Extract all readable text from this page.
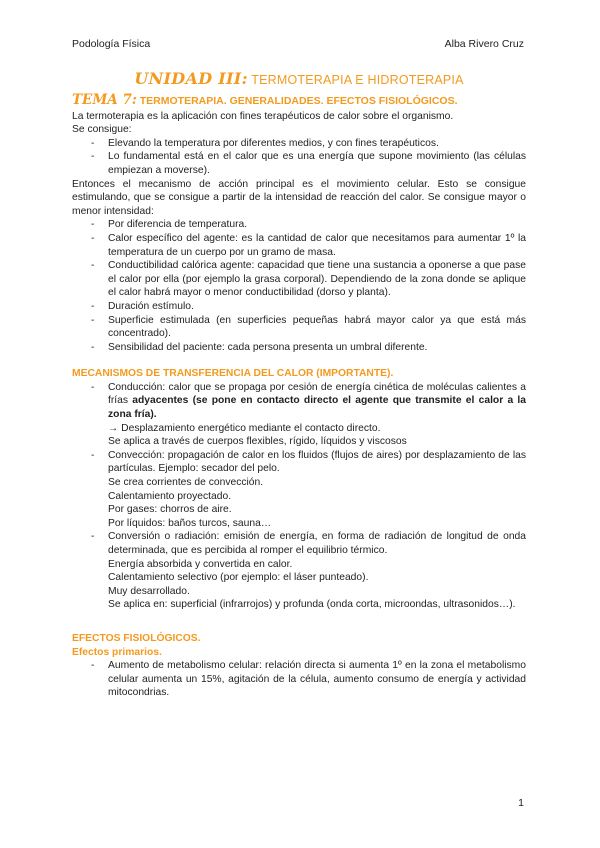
Podología Física	Alba Rivero Cruz
UNIDAD III: TERMOTERAPIA E HIDROTERAPIA
TEMA 7: TERMOTERAPIA. GENERALIDADES. EFECTOS FISIOLÓGICOS.

La termoterapia es la aplicación con fines terapéuticos de calor sobre el organismo.

Se consigue:

- Elevando la temperatura por diferentes medios, y con fines terapéuticos.
- Lo fundamental está en el calor que es una energía que supone movimiento (las células empiezan a moverse).

Entonces el mecanismo de acción principal es el movimiento celular. Esto se consigue estimulando, que se consigue a partir de la intensidad de reacción del calor. Se consigue mayor o menor intensidad:

- Por diferencia de temperatura.
- Calor específico del agente: es la cantidad de calor que necesitamos para aumentar 1º la temperatura de un cuerpo por un gramo de masa.
- Conductibilidad calórica agente: capacidad que tiene una sustancia a oponerse a que pase el calor por ella (por ejemplo la grasa corporal). Dependiendo de la zona donde se aplique el calor habrá mayor o menor conductibilidad (dorso y planta).
- Duración estímulo.
- Superficie estimulada (en superficies pequeñas habrá mayor calor ya que está más concentrado).
- Sensibilidad del paciente: cada persona presenta un umbral diferente.

MECANISMOS DE TRANSFERENCIA DEL CALOR (IMPORTANTE).

- Conducción: calor que se propaga por cesión de energía cinética de moléculas calientes a frías adyacentes (se pone en contacto directo el agente que transmite el calor a la zona fría).
→ Desplazamiento energético mediante el contacto directo.
Se aplica a través de cuerpos flexibles, rígido, líquidos y viscosos
- Convección: propagación de calor en los fluidos (flujos de aires) por desplazamiento de las partículas. Ejemplo: secador del pelo.
Se crea corrientes de convección.
Calentamiento proyectado.
Por gases: chorros de aire.
Por líquidos: baños turcos, sauna…
- Conversión o radiación: emisión de energía, en forma de radiación de longitud de onda determinada, que es percibida al romper el equilibrio térmico.
Energía absorbida y convertida en calor.
Calentamiento selectivo (por ejemplo: el láser punteado).
Muy desarrollado.
Se aplica en: superficial (infrarrojos) y profunda (onda corta, microondas, ultrasonidos…).

EFECTOS FISIOLÓGICOS.

Efectos primarios.

- Aumento de metabolismo celular: relación directa si aumenta 1º en la zona el metabolismo celular aumenta un 15%, agitación de la célula, aumento consumo de energía y actividad mitocondrias.
1
